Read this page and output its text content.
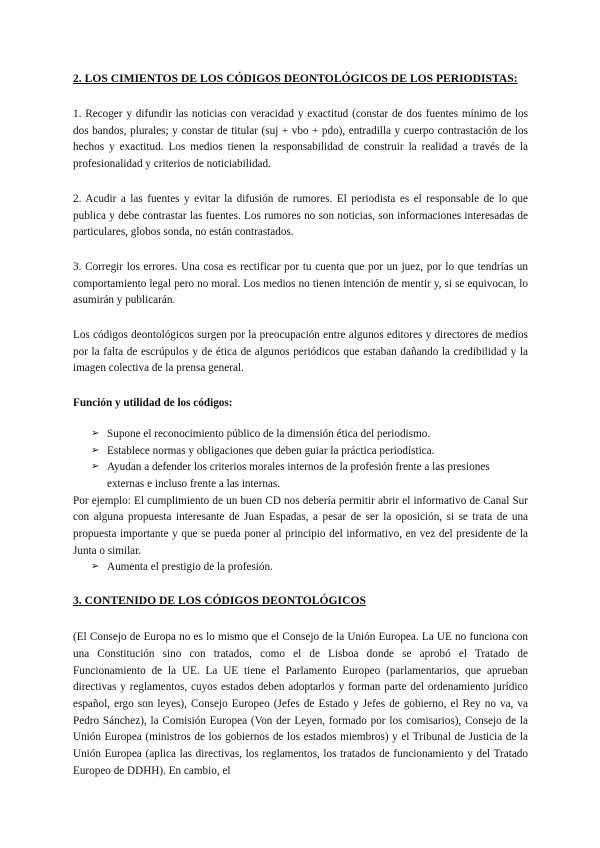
2. LOS CIMIENTOS DE LOS CÓDIGOS DEONTOLÓGICOS DE LOS PERIODISTAS:

1. Recoger y difundir las noticias con veracidad y exactitud (constar de dos fuentes mínimo de los dos bandos, plurales; y constar de titular (suj + vbo + pdo), entradilla y cuerpo contrastación de los hechos y exactitud. Los medios tienen la responsabilidad de construir la realidad a través de la profesionalidad y criterios de noticiabilidad.

2. Acudir a las fuentes y evitar la difusión de rumores. El periodista es el responsable de lo que publica y debe contrastar las fuentes. Los rumores no son noticias, son informaciones interesadas de particulares, globos sonda, no están contrastados.

3. Corregir los errores. Una cosa es rectificar por tu cuenta que por un juez, por lo que tendrías un comportamiento legal pero no moral. Los medios no tienen intención de mentir y, si se equivocan, lo asumirán y publicarán.

Los códigos deontológicos surgen por la preocupación entre algunos editores y directores de medios por la falta de escrúpulos y de ética de algunos periódicos que estaban dañando la credibilidad y la imagen colectiva de la prensa general.

Función y utilidad de los códigos:
➢ Supone el reconocimiento público de la dimensión ética del periodismo.
➢ Establece normas y obligaciones que deben guiar la práctica periodística.
➢ Ayudan a defender los criterios morales internos de la profesión frente a las presiones externas e incluso frente a las internas.

Por ejemplo: El cumplimiento de un buen CD nos debería permitir abrir el informativo de Canal Sur con alguna propuesta interesante de Juan Espadas, a pesar de ser la oposición, si se trata de una propuesta importante y que se pueda poner al principio del informativo, en vez del presidente de la Junta o similar.

➢ Aumenta el prestigio de la profesión.
3. CONTENIDO DE LOS CÓDIGOS DEONTOLÓGICOS

(El Consejo de Europa no es lo mismo que el Consejo de la Unión Europea. La UE no funciona con una Constitución sino con tratados, como el de Lisboa donde se aprobó el Tratado de Funcionamiento de la UE. La UE tiene el Parlamento Europeo (parlamentarios, que aprueban directivas y reglamentos, cuyos estados deben adoptarlos y forman parte del ordenamiento jurídico español, ergo son leyes), Consejo Europeo (Jefes de Estado y Jefes de gobierno, el Rey no va, va Pedro Sánchez), la Comisión Europea (Von der Leyen, formado por los comisarios), Consejo de la Unión Europea (ministros de los gobiernos de los estados miembros) y el Tribunal de Justicia de la Unión Europea (aplica las directivas, los reglamentos, los tratados de funcionamiento y del Tratado Europeo de DDHH). En cambio, el
